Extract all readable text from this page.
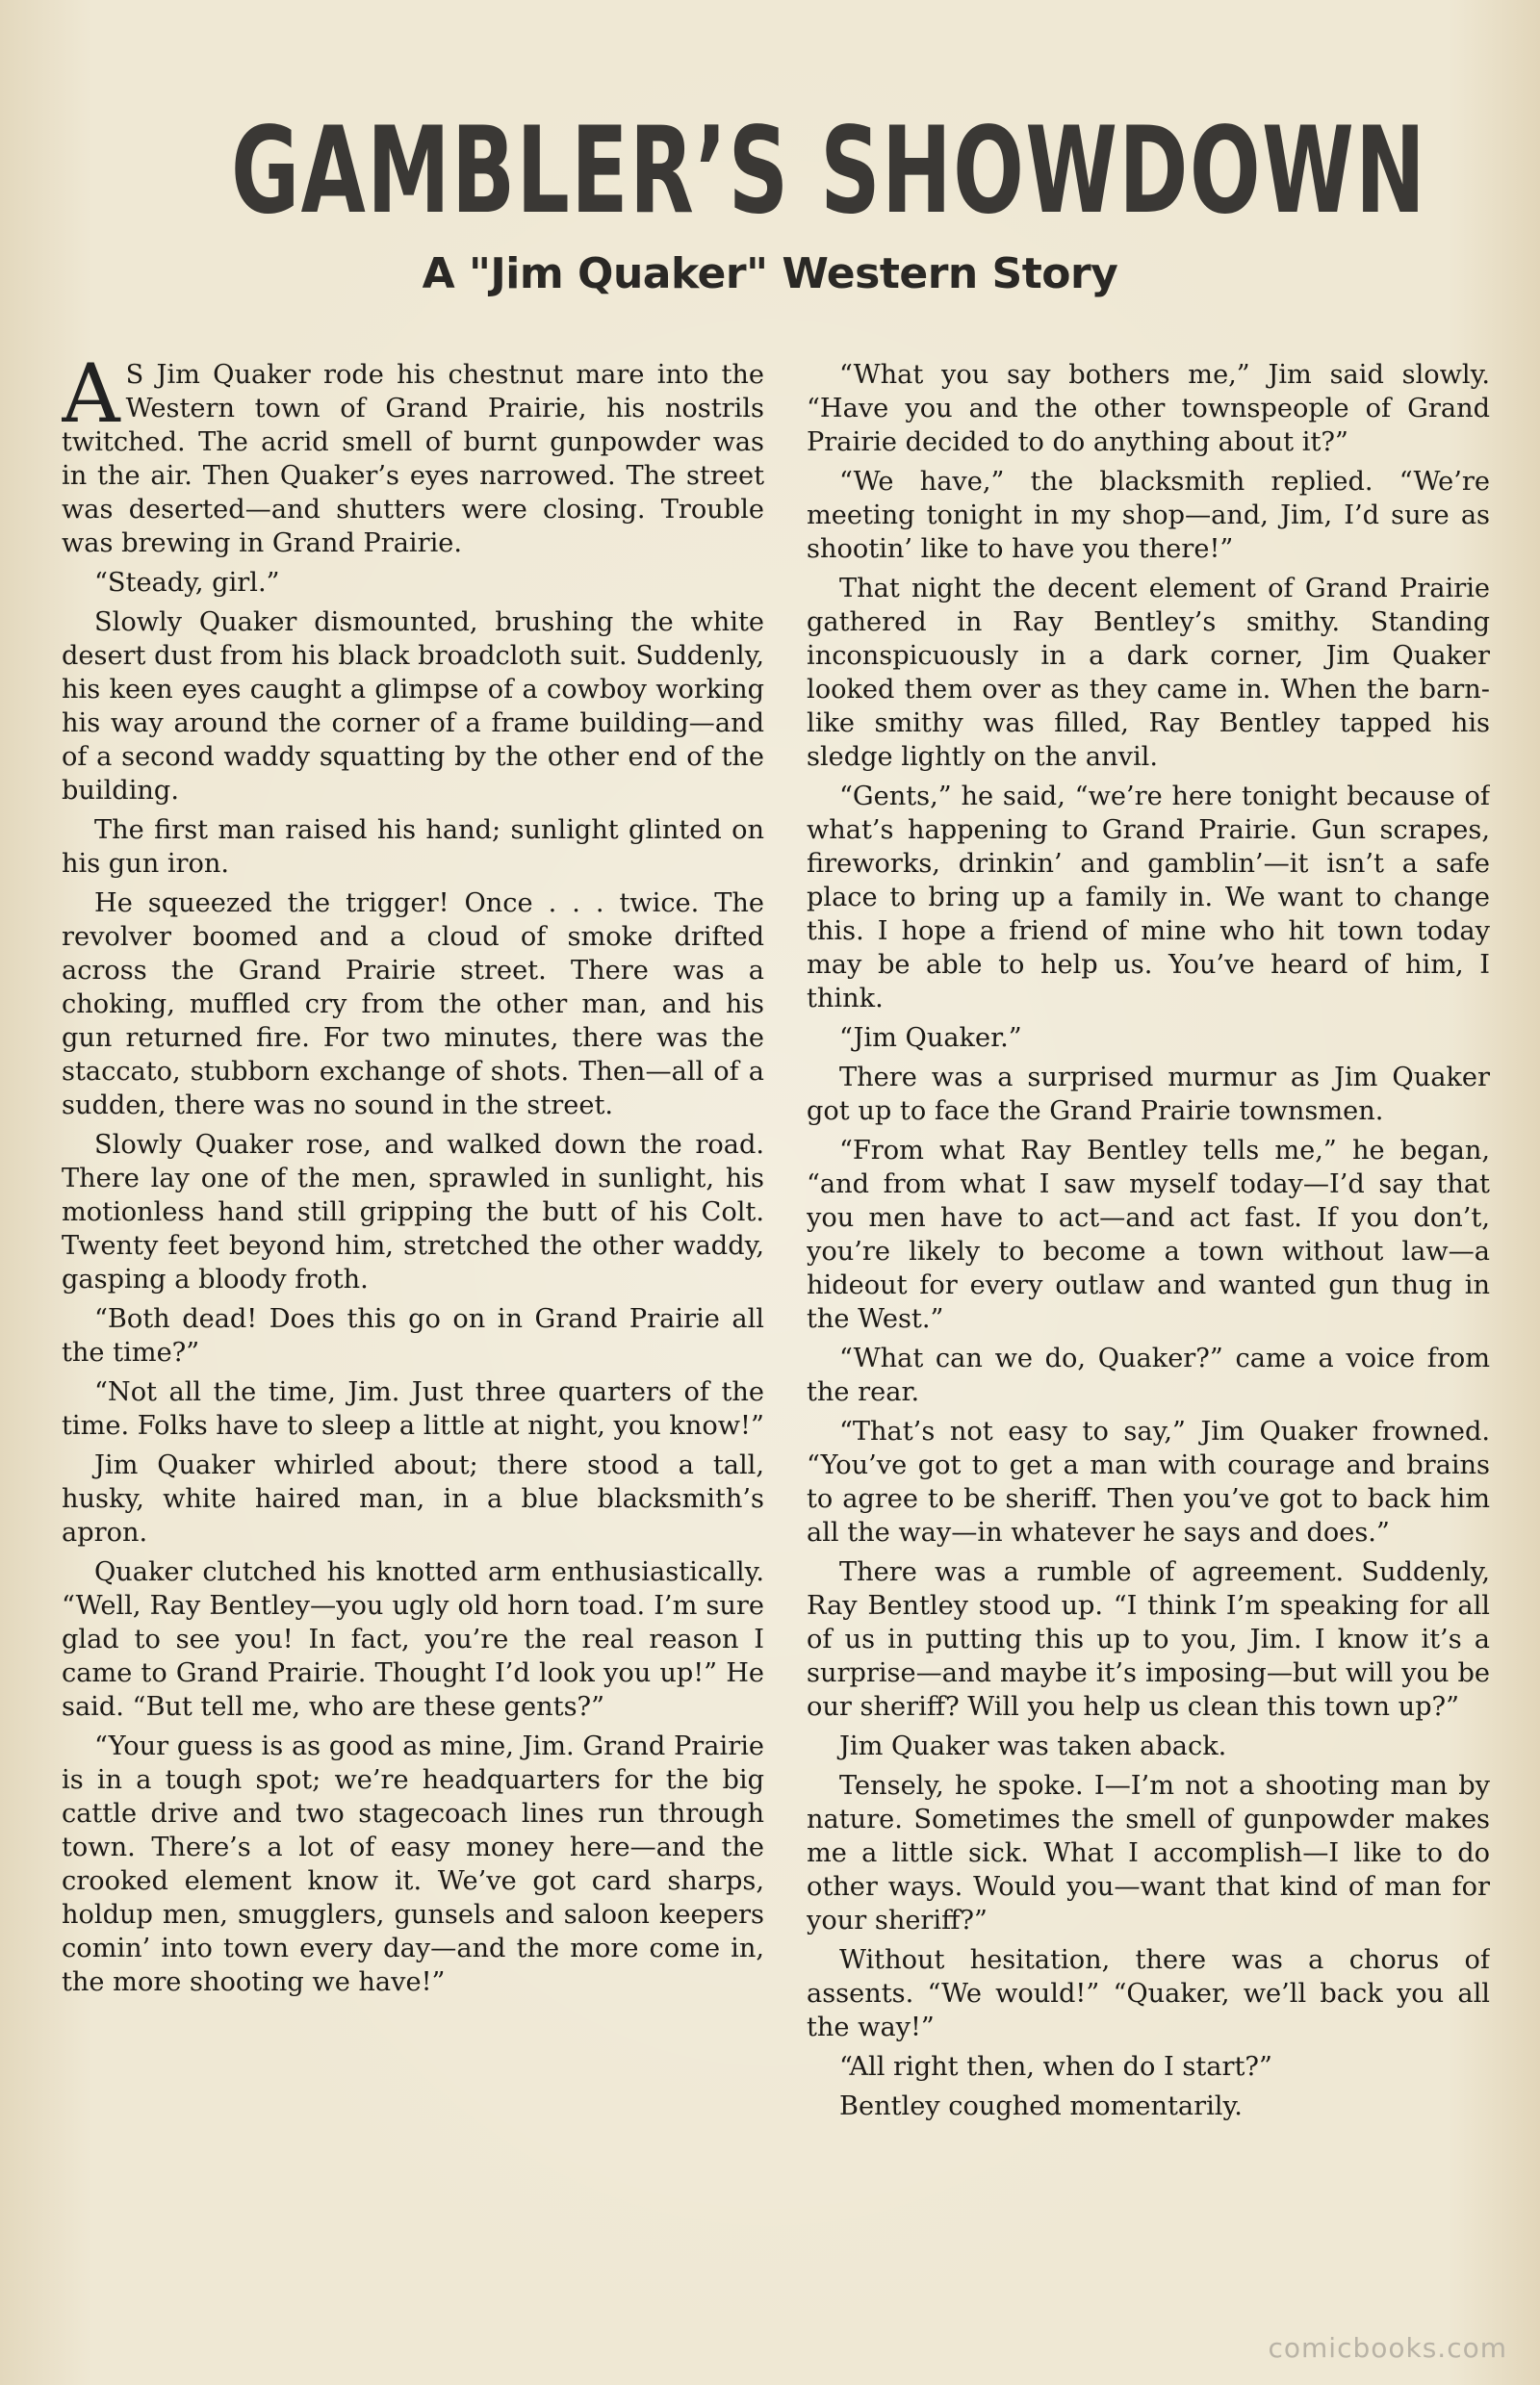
GAMBLER’S SHOWDOWN
A "Jim Quaker" Western Story

A S Jim Quaker rode his chestnut mare into the Western town of Grand Prairie, his nostrils twitched. The acrid smell of burnt gunpowder was in the air. Then Quaker’s eyes narrowed. The street was deserted—and shutters were closing. Trouble was brewing in Grand Prairie.

“Steady, girl.”

Slowly Quaker dismounted, brushing the white desert dust from his black broadcloth suit. Suddenly, his keen eyes caught a glimpse of a cowboy working his way around the corner of a frame building—and of a second waddy squatting by the other end of the building.

The first man raised his hand; sunlight glinted on his gun iron.

He squeezed the trigger! Once . . . twice. The revolver boomed and a cloud of smoke drifted across the Grand Prairie street. There was a choking, muffled cry from the other man, and his gun returned fire. For two minutes, there was the staccato, stubborn exchange of shots. Then—all of a sudden, there was no sound in the street.

Slowly Quaker rose, and walked down the road. There lay one of the men, sprawled in sunlight, his motionless hand still gripping the butt of his Colt. Twenty feet beyond him, stretched the other waddy, gasping a bloody froth.

“Both dead! Does this go on in Grand Prairie all the time?”

“Not all the time, Jim. Just three quarters of the time. Folks have to sleep a little at night, you know!”

Jim Quaker whirled about; there stood a tall, husky, white haired man, in a blue blacksmith’s apron.

Quaker clutched his knotted arm enthusiastically. “Well, Ray Bentley—you ugly old horn toad. I’m sure glad to see you! In fact, you’re the real reason I came to Grand Prairie. Thought I’d look you up!” He said. “But tell me, who are these gents?”

“Your guess is as good as mine, Jim. Grand Prairie is in a tough spot; we’re headquarters for the big cattle drive and two stagecoach lines run through town. There’s a lot of easy money here—and the crooked element know it. We’ve got card sharps, holdup men, smugglers, gunsels and saloon keepers comin’ into town every day—and the more come in, the more shooting we have!”

“What you say bothers me,” Jim said slowly. “Have you and the other townspeople of Grand Prairie decided to do anything about it?”

“We have,” the blacksmith replied. “We’re meeting tonight in my shop—and, Jim, I’d sure as shootin’ like to have you there!”

That night the decent element of Grand Prairie gathered in Ray Bentley’s smithy. Standing inconspicuously in a dark corner, Jim Quaker looked them over as they came in. When the barn-like smithy was filled, Ray Bentley tapped his sledge lightly on the anvil.

“Gents,” he said, “we’re here tonight because of what’s happening to Grand Prairie. Gun scrapes, fireworks, drinkin’ and gamblin’—it isn’t a safe place to bring up a family in. We want to change this. I hope a friend of mine who hit town today may be able to help us. You’ve heard of him, I think.

“Jim Quaker.”

There was a surprised murmur as Jim Quaker got up to face the Grand Prairie townsmen.

“From what Ray Bentley tells me,” he began, “and from what I saw myself today—I’d say that you men have to act—and act fast. If you don’t, you’re likely to become a town without law—a hideout for every outlaw and wanted gun thug in the West.”

“What can we do, Quaker?” came a voice from the rear.

“That’s not easy to say,” Jim Quaker frowned. “You’ve got to get a man with courage and brains to agree to be sheriff. Then you’ve got to back him all the way—in whatever he says and does.”

There was a rumble of agreement. Suddenly, Ray Bentley stood up. “I think I’m speaking for all of us in putting this up to you, Jim. I know it’s a surprise—and maybe it’s imposing—but will you be our sheriff? Will you help us clean this town up?”

Jim Quaker was taken aback.

Tensely, he spoke. I—I’m not a shooting man by nature. Sometimes the smell of gunpowder makes me a little sick. What I accomplish—I like to do other ways. Would you—want that kind of man for your sheriff?”

Without hesitation, there was a chorus of assents. “We would!” “Quaker, we’ll back you all the way!”

“All right then, when do I start?”

Bentley coughed momentarily.

comicbooks.com
